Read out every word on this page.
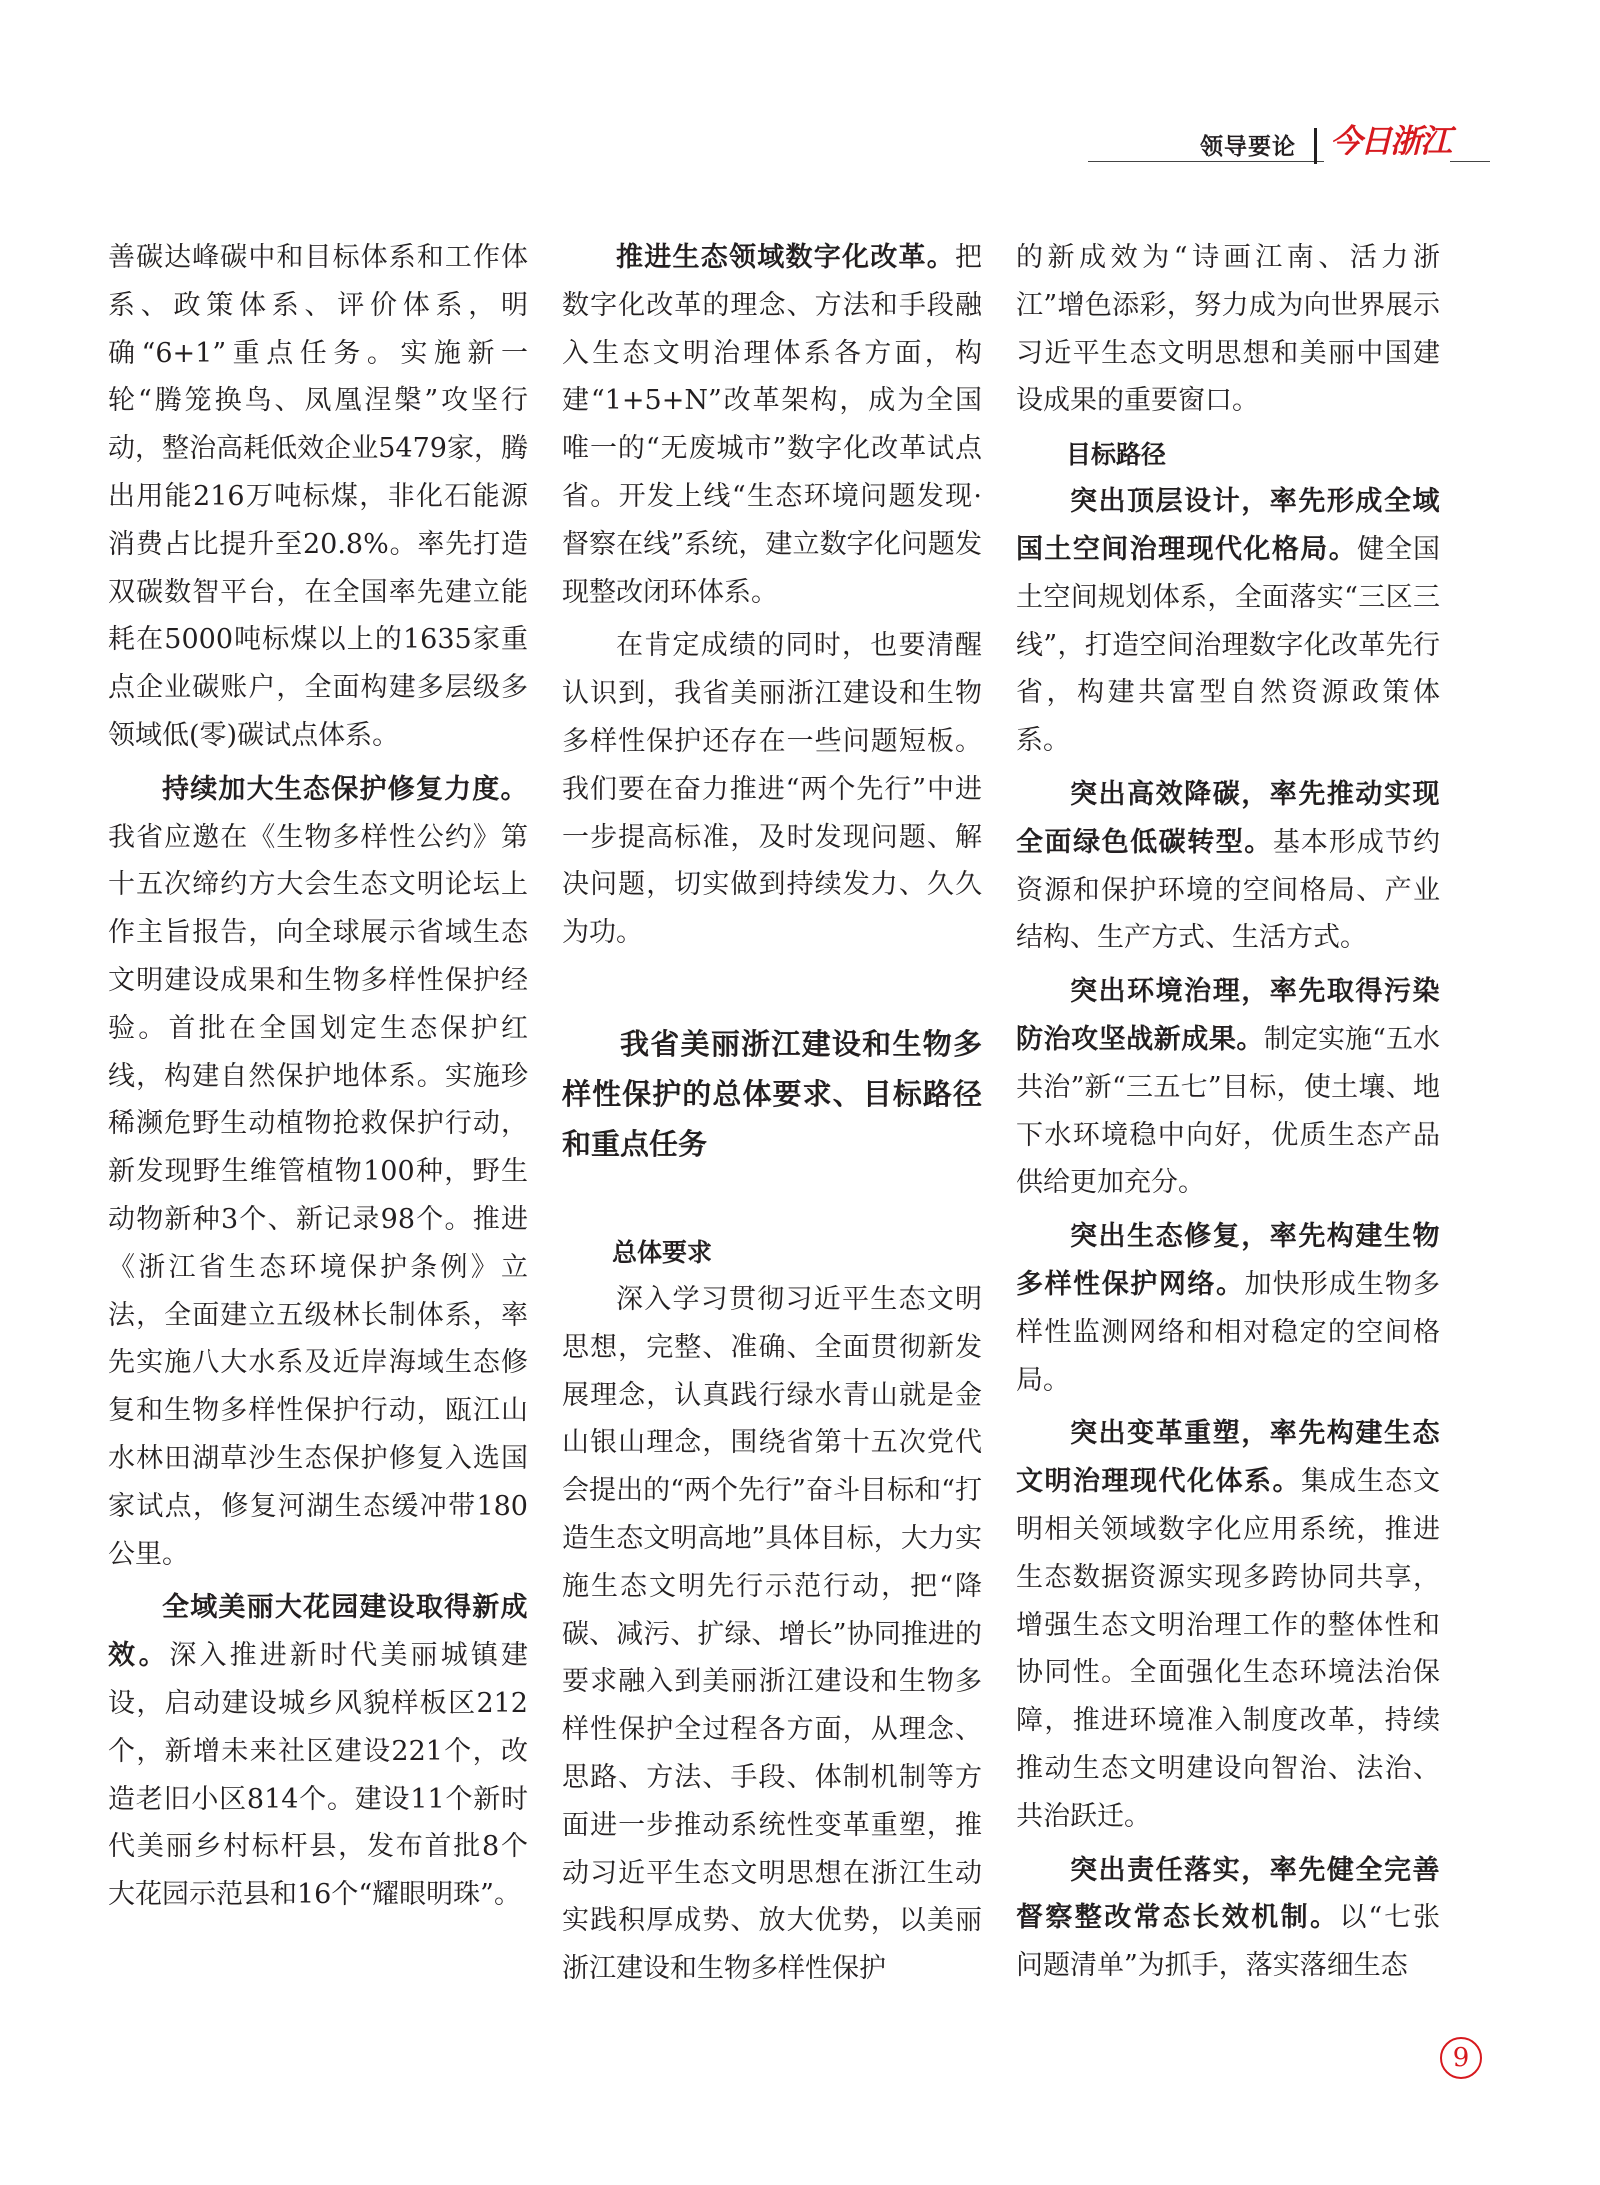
领导要论	今日浙江

善碳达峰碳中和目标体系和工作体系、政策体系、评价体系，明确“6+1”重点任务。实施新一轮“腾笼换鸟、凤凰涅槃”攻坚行动，整治高耗低效企业5479家，腾出用能216万吨标煤，非化石能源消费占比提升至20.8%。率先打造双碳数智平台，在全国率先建立能耗在5000吨标煤以上的1635家重点企业碳账户，全面构建多层级多领域低(零)碳试点体系。

持续加大生态保护修复力度。我省应邀在《生物多样性公约》第十五次缔约方大会生态文明论坛上作主旨报告，向全球展示省域生态文明建设成果和生物多样性保护经验。首批在全国划定生态保护红线，构建自然保护地体系。实施珍稀濒危野生动植物抢救保护行动，新发现野生维管植物100种，野生动物新种3个、新记录98个。推进《浙江省生态环境保护条例》立法，全面建立五级林长制体系，率先实施八大水系及近岸海域生态修复和生物多样性保护行动，瓯江山水林田湖草沙生态保护修复入选国家试点，修复河湖生态缓冲带180公里。

全域美丽大花园建设取得新成效。深入推进新时代美丽城镇建设，启动建设城乡风貌样板区212个，新增未来社区建设221个，改造老旧小区814个。建设11个新时代美丽乡村标杆县，发布首批8个大花园示范县和16个“耀眼明珠”。

推进生态领域数字化改革。把数字化改革的理念、方法和手段融入生态文明治理体系各方面，构建“1+5+N”改革架构，成为全国唯一的“无废城市”数字化改革试点省。开发上线“生态环境问题发现·督察在线”系统，建立数字化问题发现整改闭环体系。

在肯定成绩的同时，也要清醒认识到，我省美丽浙江建设和生物多样性保护还存在一些问题短板。我们要在奋力推进“两个先行”中进一步提高标准，及时发现问题、解决问题，切实做到持续发力、久久为功。

我省美丽浙江建设和生物多样性保护的总体要求、目标路径和重点任务
总体要求

深入学习贯彻习近平生态文明思想，完整、准确、全面贯彻新发展理念，认真践行绿水青山就是金山银山理念，围绕省第十五次党代会提出的“两个先行”奋斗目标和“打造生态文明高地”具体目标，大力实施生态文明先行示范行动，把“降碳、减污、扩绿、增长”协同推进的要求融入到美丽浙江建设和生物多样性保护全过程各方面，从理念、思路、方法、手段、体制机制等方面进一步推动系统性变革重塑，推动习近平生态文明思想在浙江生动实践积厚成势、放大优势，以美丽浙江建设和生物多样性保护

的新成效为“诗画江南、活力浙江”增色添彩，努力成为向世界展示习近平生态文明思想和美丽中国建设成果的重要窗口。

目标路径

突出顶层设计，率先形成全域国土空间治理现代化格局。健全国土空间规划体系，全面落实“三区三线”，打造空间治理数字化改革先行省，构建共富型自然资源政策体系。

突出高效降碳，率先推动实现全面绿色低碳转型。基本形成节约资源和保护环境的空间格局、产业结构、生产方式、生活方式。

突出环境治理，率先取得污染防治攻坚战新成果。制定实施“五水共治”新“三五七”目标，使土壤、地下水环境稳中向好，优质生态产品供给更加充分。

突出生态修复，率先构建生物多样性保护网络。加快形成生物多样性监测网络和相对稳定的空间格局。

突出变革重塑，率先构建生态文明治理现代化体系。集成生态文明相关领域数字化应用系统，推进生态数据资源实现多跨协同共享，增强生态文明治理工作的整体性和协同性。全面强化生态环境法治保障，推进环境准入制度改革，持续推动生态文明建设向智治、法治、共治跃迁。

突出责任落实，率先健全完善督察整改常态长效机制。以“七张问题清单”为抓手，落实落细生态

9
